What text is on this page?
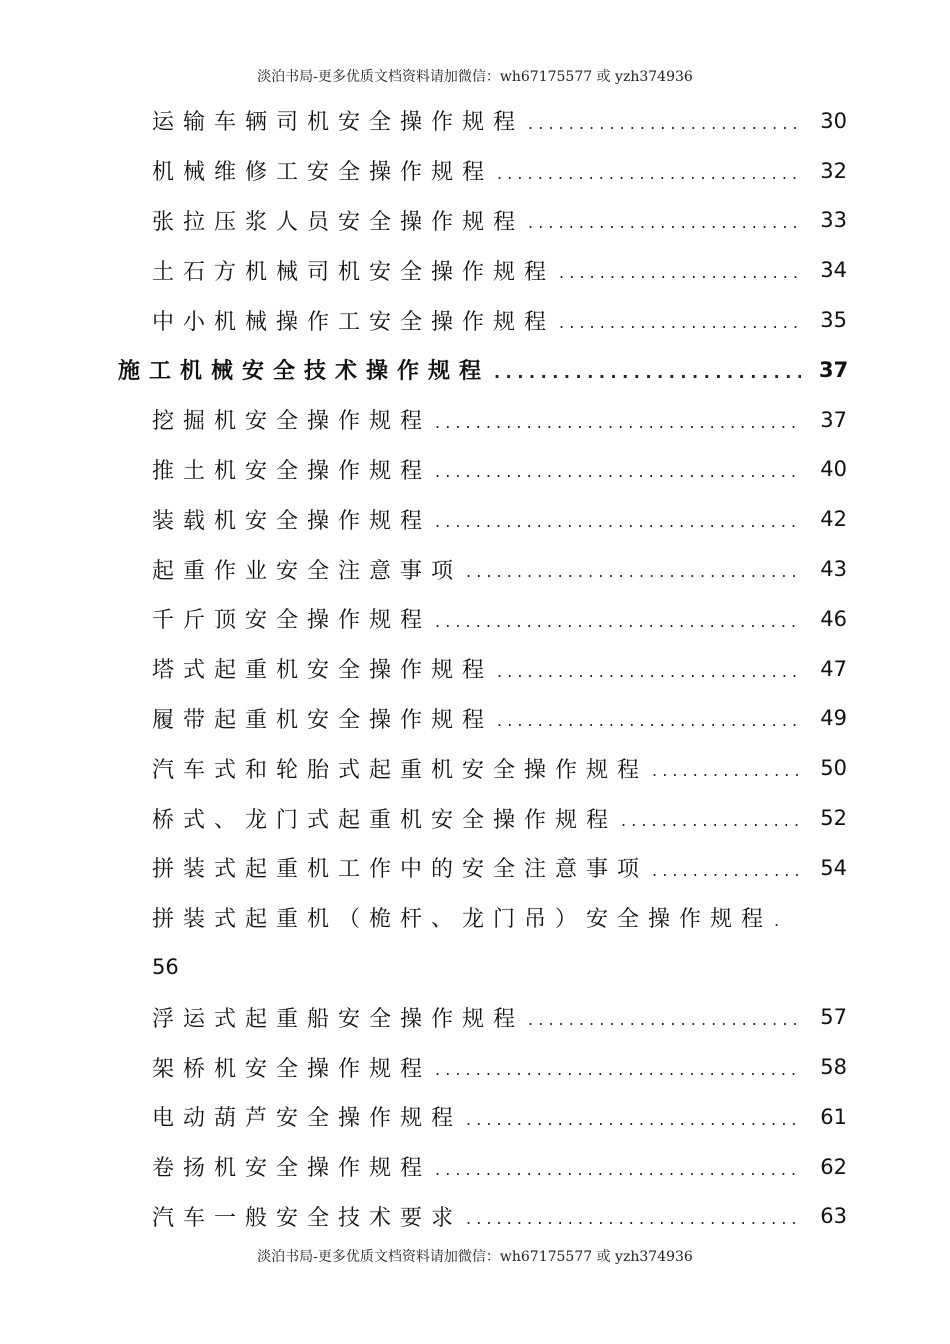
淡泊书局-更多优质文档资料请加微信：wh67175577 或 yzh374936
运输车辆司机安全操作规程 . . .	30
机械维修工安全操作规程 . . .	32
张拉压浆人员安全操作规程 . . .	33
土石方机械司机安全操作规程 . . .	34
中小机械操作工安全操作规程 . . .	35
施工机械安全技术操作规程 . . .	37
挖掘机安全操作规程 . . .	37
推土机安全操作规程 . . .	40
装载机安全操作规程 . . .	42
起重作业安全注意事项 . . .	43
千斤顶安全操作规程 . . .	46
塔式起重机安全操作规程 . . .	47
履带起重机安全操作规程 . . .	49
汽车式和轮胎式起重机安全操作规程 . . .	50
桥式、龙门式起重机安全操作规程 . . .	52
拼装式起重机工作中的安全注意事项 . . .	54
拼装式起重机（桅杆、龙门吊）安全操作规程
. . .
56
浮运式起重船安全操作规程 . . .	57
架桥机安全操作规程 . . .	58
电动葫芦安全操作规程 . . .	61
卷扬机安全操作规程 . . .	62
汽车一般安全技术要求 . . .	63
淡泊书局-更多优质文档资料请加微信：wh67175577 或 yzh374936
